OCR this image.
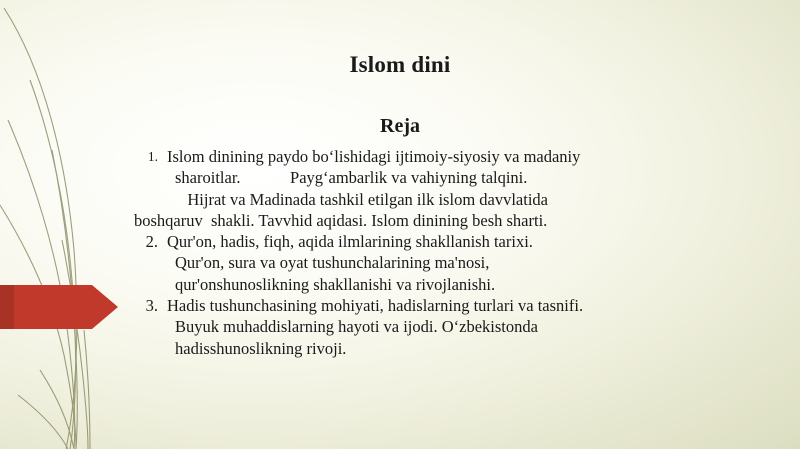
Islom dini
Reja
1. Islom dinining paydo bo‘lishidagi ijtimoiy-siyosiy va madaniy
sharoitlar.            Payg‘ambarlik va vahiyning talqini.
Hijrat va Madinada tashkil etilgan ilk islom davvlatida
boshqaruv  shakli. Tavvhid aqidasi. Islom dinining besh sharti.
2. Qur'on, hadis, fiqh, aqida ilmlarining shakllanish tarixi.
Qur'on, sura va oyat tushunchalarining ma'nosi,
qur'onshunoslikning shakllanishi va rivojlanishi.
3. Hadis tushunchasining mohiyati, hadislarning turlari va tasnifi.
Buyuk muhaddislarning hayoti va ijodi. O‘zbekistonda
hadisshunoslikning rivoji.
